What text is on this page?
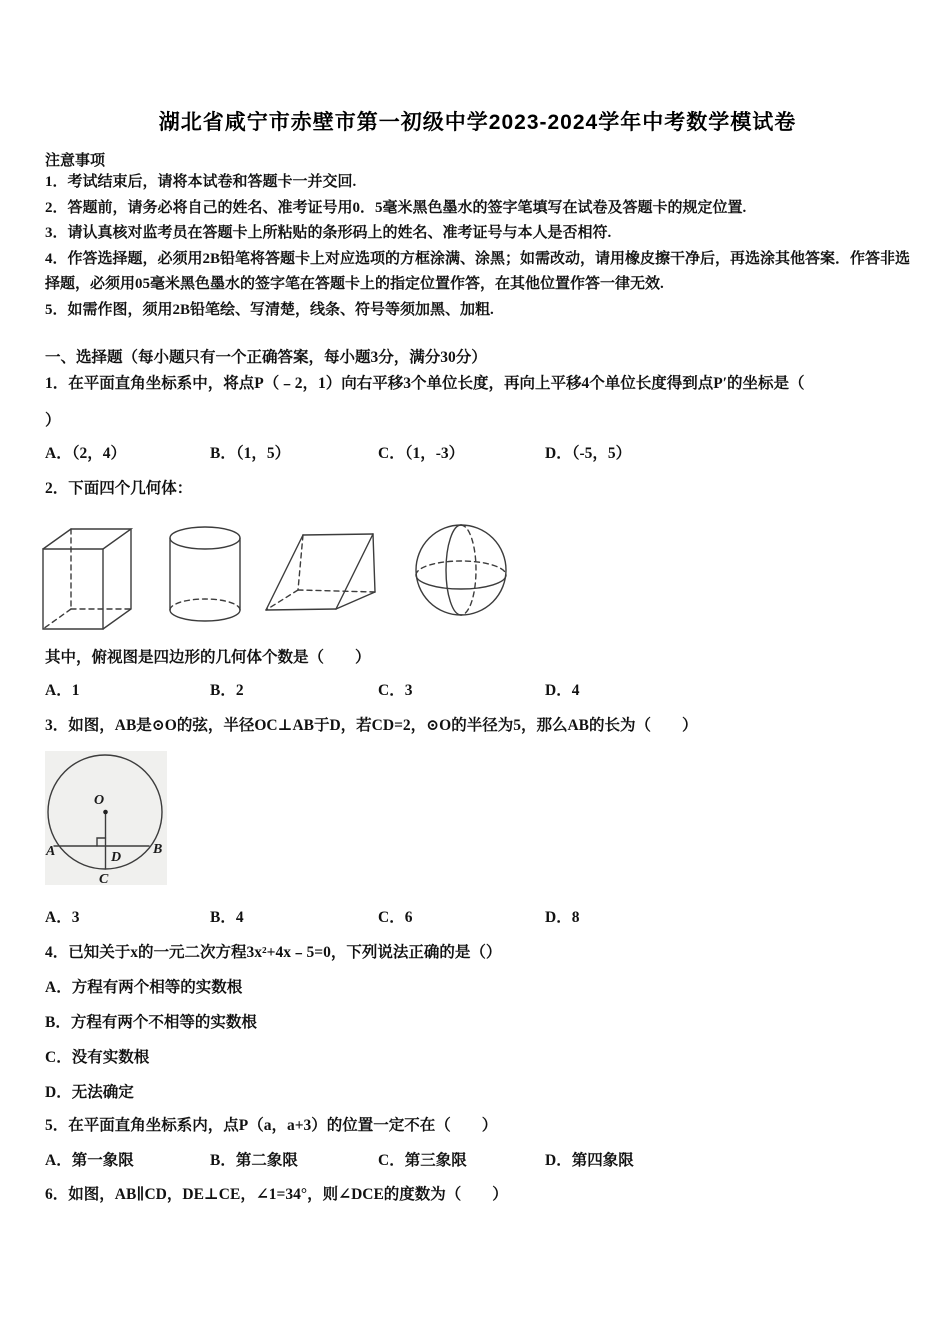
湖北省咸宁市赤壁市第一初级中学2023-2024学年中考数学模试卷
注意事项
1．考试结束后，请将本试卷和答题卡一并交回.
2．答题前，请务必将自己的姓名、准考证号用0．5毫米黑色墨水的签字笔填写在试卷及答题卡的规定位置.
3．请认真核对监考员在答题卡上所粘贴的条形码上的姓名、准考证号与本人是否相符.
4．作答选择题，必须用2B铅笔将答题卡上对应选项的方框涂满、涂黑；如需改动，请用橡皮擦干净后，再选涂其他答案．作答非选择题，必须用05毫米黑色墨水的签字笔在答题卡上的指定位置作答，在其他位置作答一律无效.
5．如需作图，须用2B铅笔绘、写清楚，线条、符号等须加黑、加粗.
一、选择题（每小题只有一个正确答案，每小题3分，满分30分）
1．在平面直角坐标系中，将点P（﹣2，1）向右平移3个单位长度，再向上平移4个单位长度得到点P′的坐标是（
）
A．（2，4）	B．（1，5）	C．（1，-3）	D．（-5，5）
2．下面四个几何体：
其中，俯视图是四边形的几何体个数是（　　）
A．1	B．2	C．3	D．4
3．如图，AB是⊙O的弦，半径OC⊥AB于D，若CD=2，⊙O的半径为5，那么AB的长为（　　）
O
A	B
D
C
A．3	B．4	C．6	D．8
4．已知关于x的一元二次方程3x²+4x﹣5=0，下列说法正确的是（）
A．方程有两个相等的实数根
B．方程有两个不相等的实数根
C．没有实数根
D．无法确定
5．在平面直角坐标系内，点P（a，a+3）的位置一定不在（　　）
A．第一象限	B．第二象限	C．第三象限	D．第四象限
6．如图，AB∥CD，DE⊥CE，∠1=34°，则∠DCE的度数为（　　）
